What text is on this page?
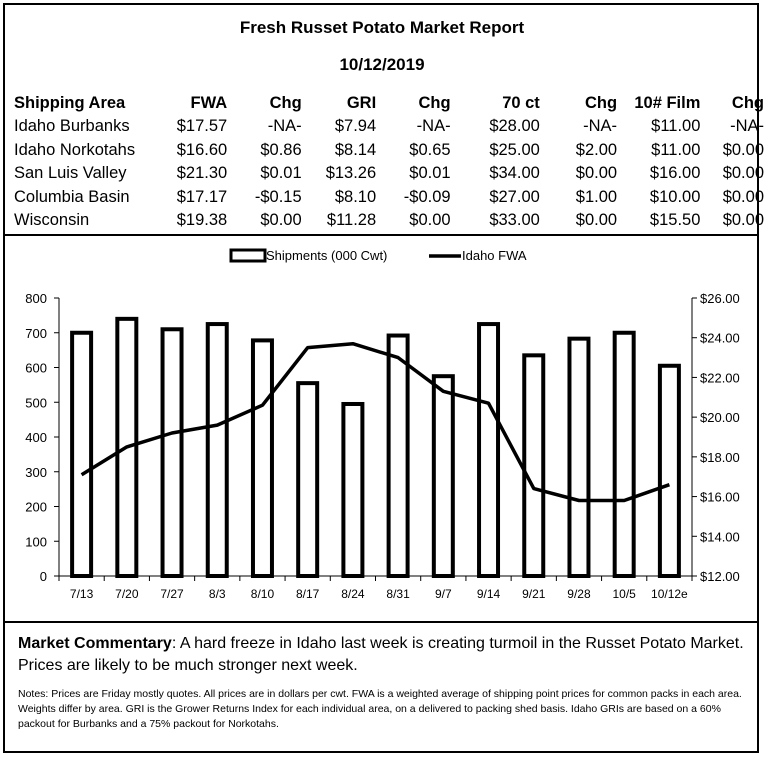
Fresh Russet Potato Market Report
10/12/2019
Shipping Area	FWA	Chg	GRI	Chg	70 ct	Chg	10# Film	Chg
Idaho Burbanks	$17.57	-NA-	$7.94	-NA-	$28.00	-NA-	$11.00	-NA-
Idaho Norkotahs	$16.60	$0.86	$8.14	$0.65	$25.00	$2.00	$11.00	$0.00
San Luis Valley	$21.30	$0.01	$13.26	$0.01	$34.00	$0.00	$16.00	$0.00
Columbia Basin	$17.17	-$0.15	$8.10	-$0.09	$27.00	$1.00	$10.00	$0.00
Wisconsin	$19.38	$0.00	$11.28	$0.00	$33.00	$0.00	$15.50	$0.00
0
100
200
300
400
500
600
700
800
$12.00
$14.00
$16.00
$18.00
$20.00
$22.00
$24.00
$26.00
7/13 7/20 7/27 8/3 8/10 8/17 8/24 8/31 9/7 9/14 9/21 9/28 10/5 10/12e
Shipments (000 Cwt)	Idaho FWA
Market Commentary: A hard freeze in Idaho last week is creating turmoil in the Russet Potato Market. Prices are likely to be much stronger next week.
Notes: Prices are Friday mostly quotes. All prices are in dollars per cwt. FWA is a weighted average of shipping point prices for common packs in each area. Weights differ by area. GRI is the Grower Returns Index for each individual area, on a delivered to packing shed basis. Idaho GRIs are based on a 60% packout for Burbanks and a 75% packout for Norkotahs.
